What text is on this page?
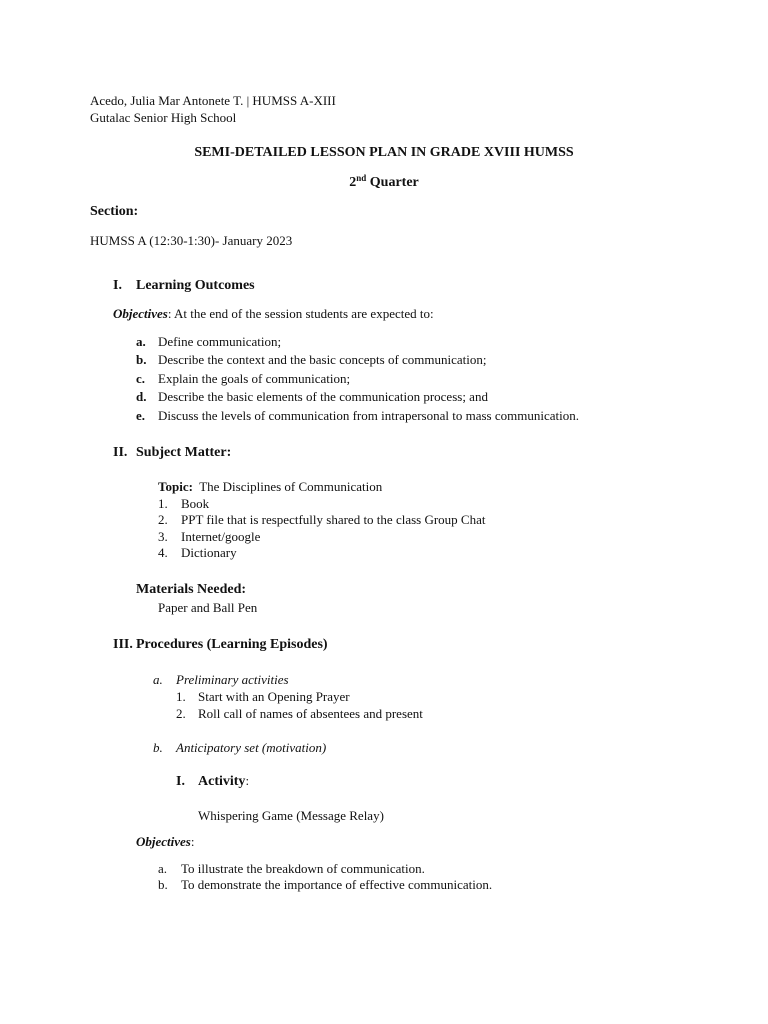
Acedo, Julia Mar Antonete T. | HUMSS A-XIII
Gutalac Senior High School
SEMI-DETAILED LESSON PLAN IN GRADE XVIII HUMSS
2nd Quarter
Section:
HUMSS A (12:30-1:30)- January 2023
I. Learning Outcomes
Objectives: At the end of the session students are expected to:
a. Define communication;
b. Describe the context and the basic concepts of communication;
c. Explain the goals of communication;
d. Describe the basic elements of the communication process; and
e. Discuss the levels of communication from intrapersonal to mass communication.
II. Subject Matter:
Topic: The Disciplines of Communication
1. Book
2. PPT file that is respectfully shared to the class Group Chat
3. Internet/google
4. Dictionary
Materials Needed:
Paper and Ball Pen
III. Procedures (Learning Episodes)
a. Preliminary activities
1. Start with an Opening Prayer
2. Roll call of names of absentees and present
b. Anticipatory set (motivation)
I. Activity:
Whispering Game (Message Relay)
Objectives:
a. To illustrate the breakdown of communication.
b. To demonstrate the importance of effective communication.
